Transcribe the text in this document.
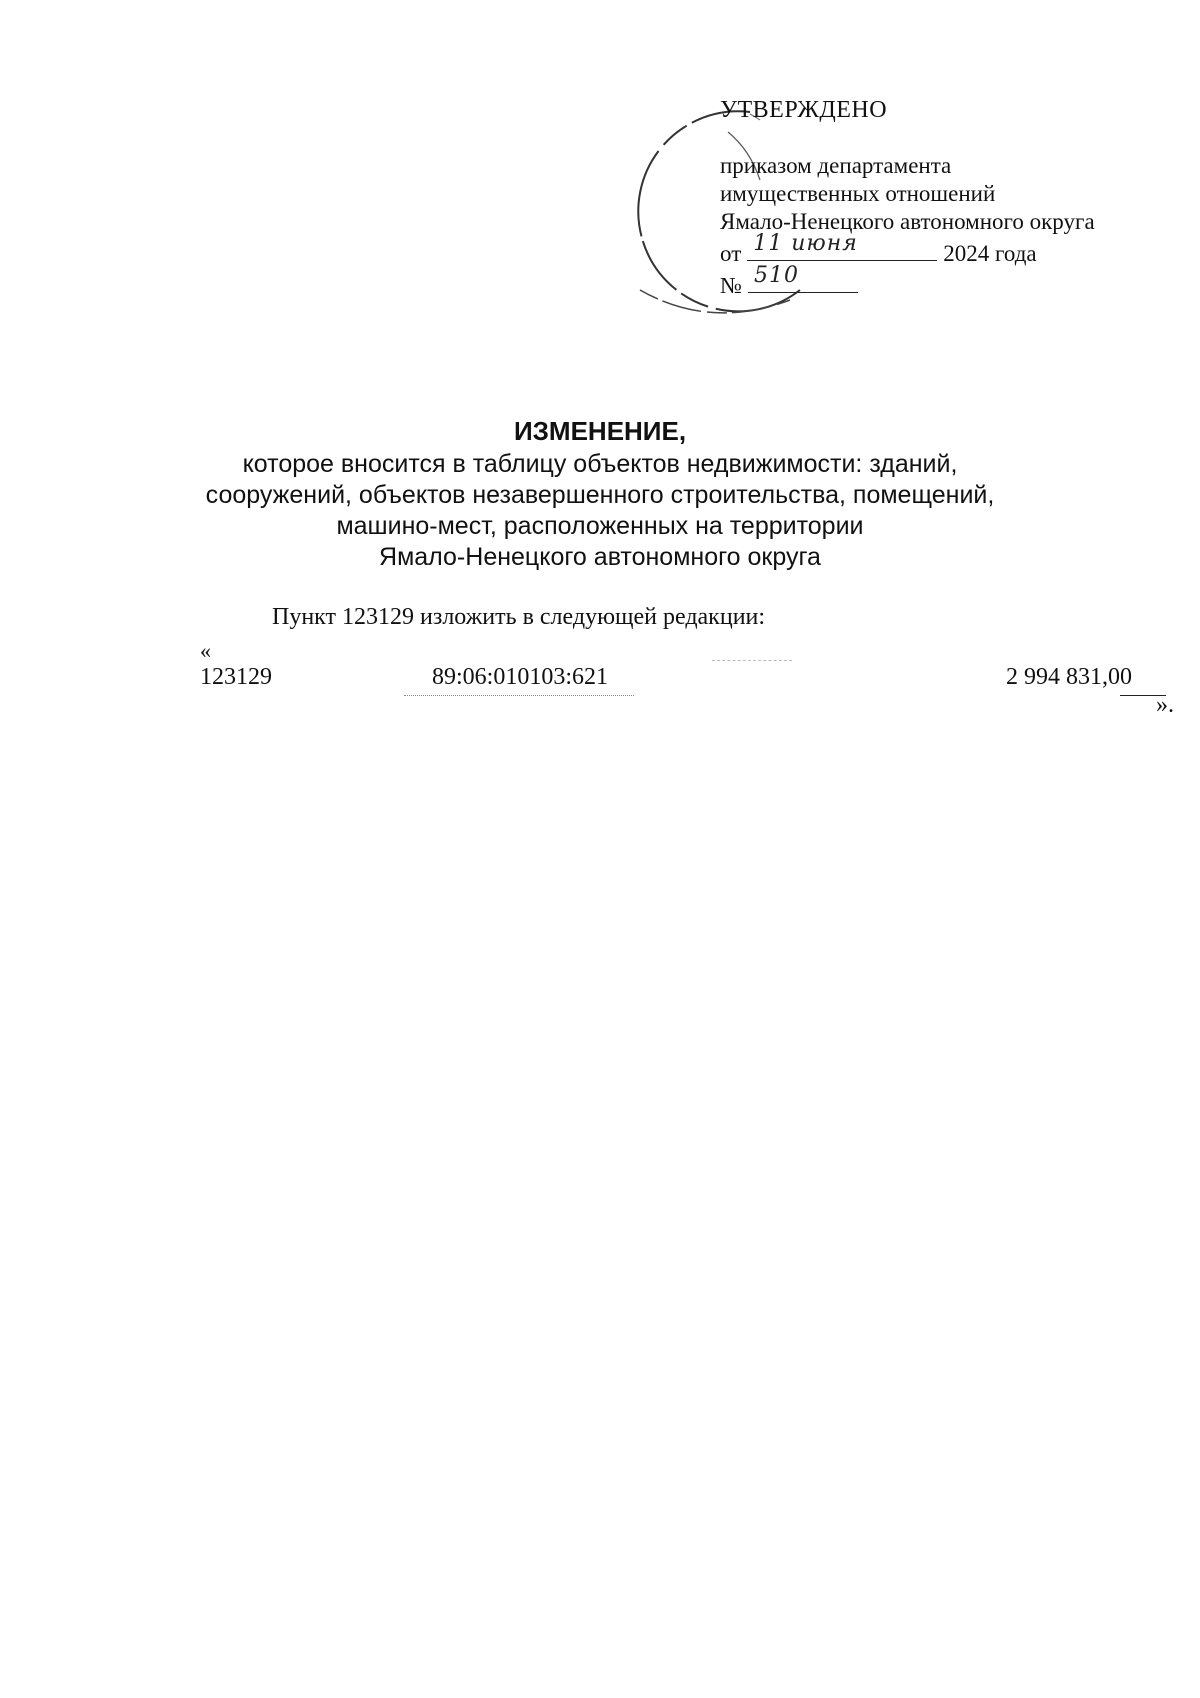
УТВЕРЖДЕНО
приказом департамента
имущественных отношений
Ямало-Ненецкого автономного округа
от 11 июня	2024 года
№ 510
ИЗМЕНЕНИЕ,
которое вносится в таблицу объектов недвижимости: зданий,
сооружений, объектов незавершенного строительства, помещений,
машино-мест, расположенных на территории
Ямало-Ненецкого автономного округа
Пункт 123129 изложить в следующей редакции:
«
123129	89:06:010103:621	2 994 831,00
».
